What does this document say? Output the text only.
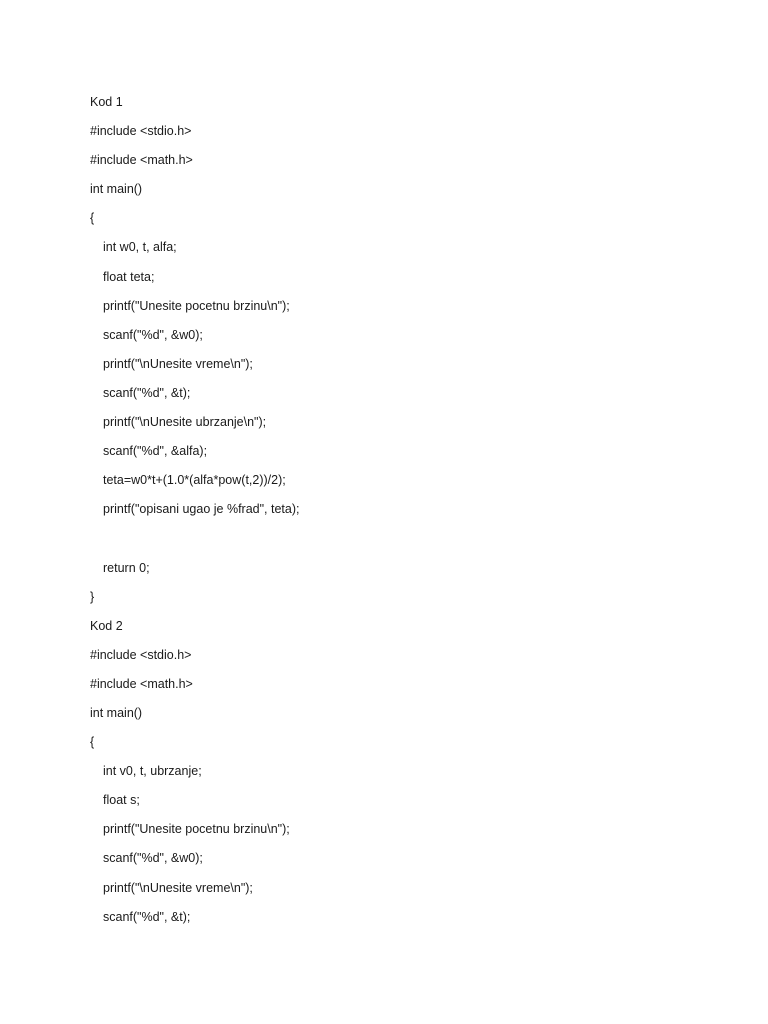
Kod 1
#include <stdio.h>
#include <math.h>
int main()
{
int w0, t, alfa;
float teta;
printf("Unesite pocetnu brzinu\n");
scanf("%d", &w0);
printf("\nUnesite vreme\n");
scanf("%d", &t);
printf("\nUnesite ubrzanje\n");
scanf("%d", &alfa);
teta=w0*t+(1.0*(alfa*pow(t,2))/2);
printf("opisani ugao je %frad", teta);
return 0;
}
Kod 2
#include <stdio.h>
#include <math.h>
int main()
{
int v0, t, ubrzanje;
float s;
printf("Unesite pocetnu brzinu\n");
scanf("%d", &w0);
printf("\nUnesite vreme\n");
scanf("%d", &t);
